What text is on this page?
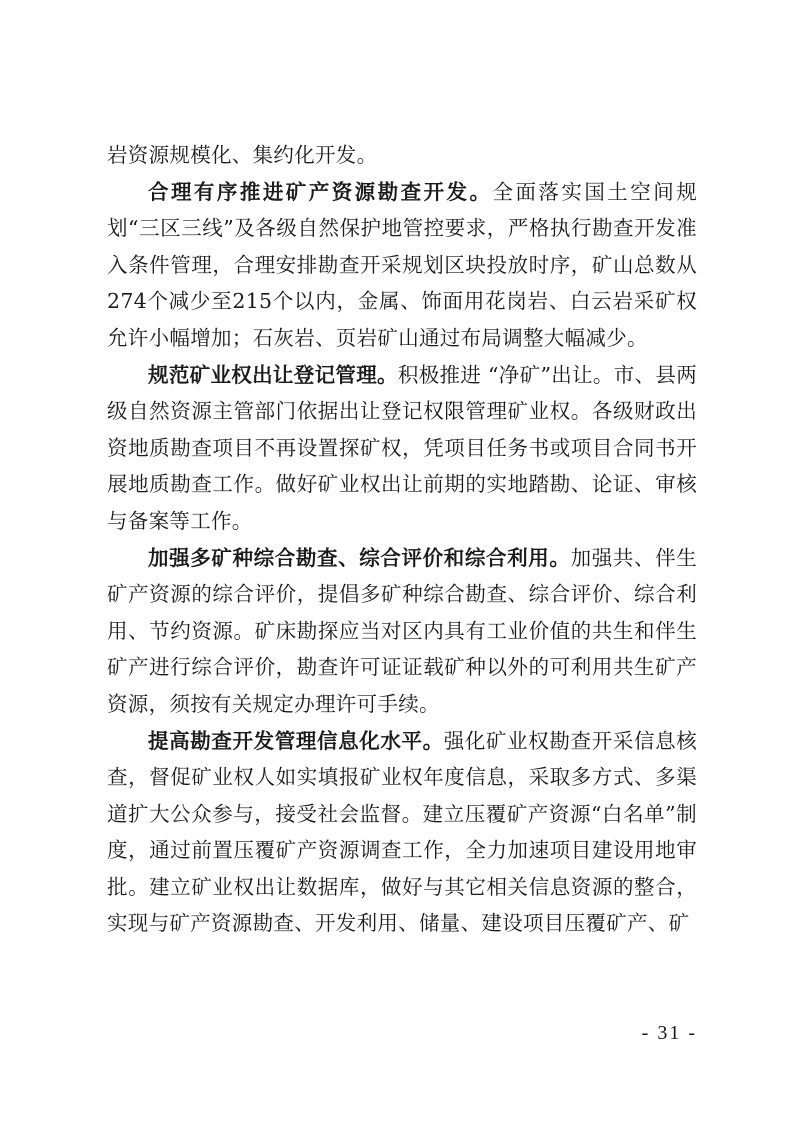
岩资源规模化、集约化开发。

合理有序推进矿产资源勘查开发。全面落实国土空间规划“三区三线”及各级自然保护地管控要求，严格执行勘查开发准入条件管理，合理安排勘查开采规划区块投放时序，矿山总数从274个减少至215个以内，金属、饰面用花岗岩、白云岩采矿权允许小幅增加；石灰岩、页岩矿山通过布局调整大幅减少。

规范矿业权出让登记管理。积极推进 “净矿”出让。市、县两级自然资源主管部门依据出让登记权限管理矿业权。各级财政出资地质勘查项目不再设置探矿权，凭项目任务书或项目合同书开展地质勘查工作。做好矿业权出让前期的实地踏勘、论证、审核与备案等工作。

加强多矿种综合勘查、综合评价和综合利用。加强共、伴生矿产资源的综合评价，提倡多矿种综合勘查、综合评价、综合利用、节约资源。矿床勘探应当对区内具有工业价值的共生和伴生矿产进行综合评价，勘查许可证证载矿种以外的可利用共生矿产资源，须按有关规定办理许可手续。

提高勘查开发管理信息化水平。强化矿业权勘查开采信息核查，督促矿业权人如实填报矿业权年度信息，采取多方式、多渠道扩大公众参与，接受社会监督。建立压覆矿产资源“白名单”制度，通过前置压覆矿产资源调查工作，全力加速项目建设用地审批。建立矿业权出让数据库，做好与其它相关信息资源的整合，实现与矿产资源勘查、开发利用、储量、建设项目压覆矿产、矿

- 31 -
